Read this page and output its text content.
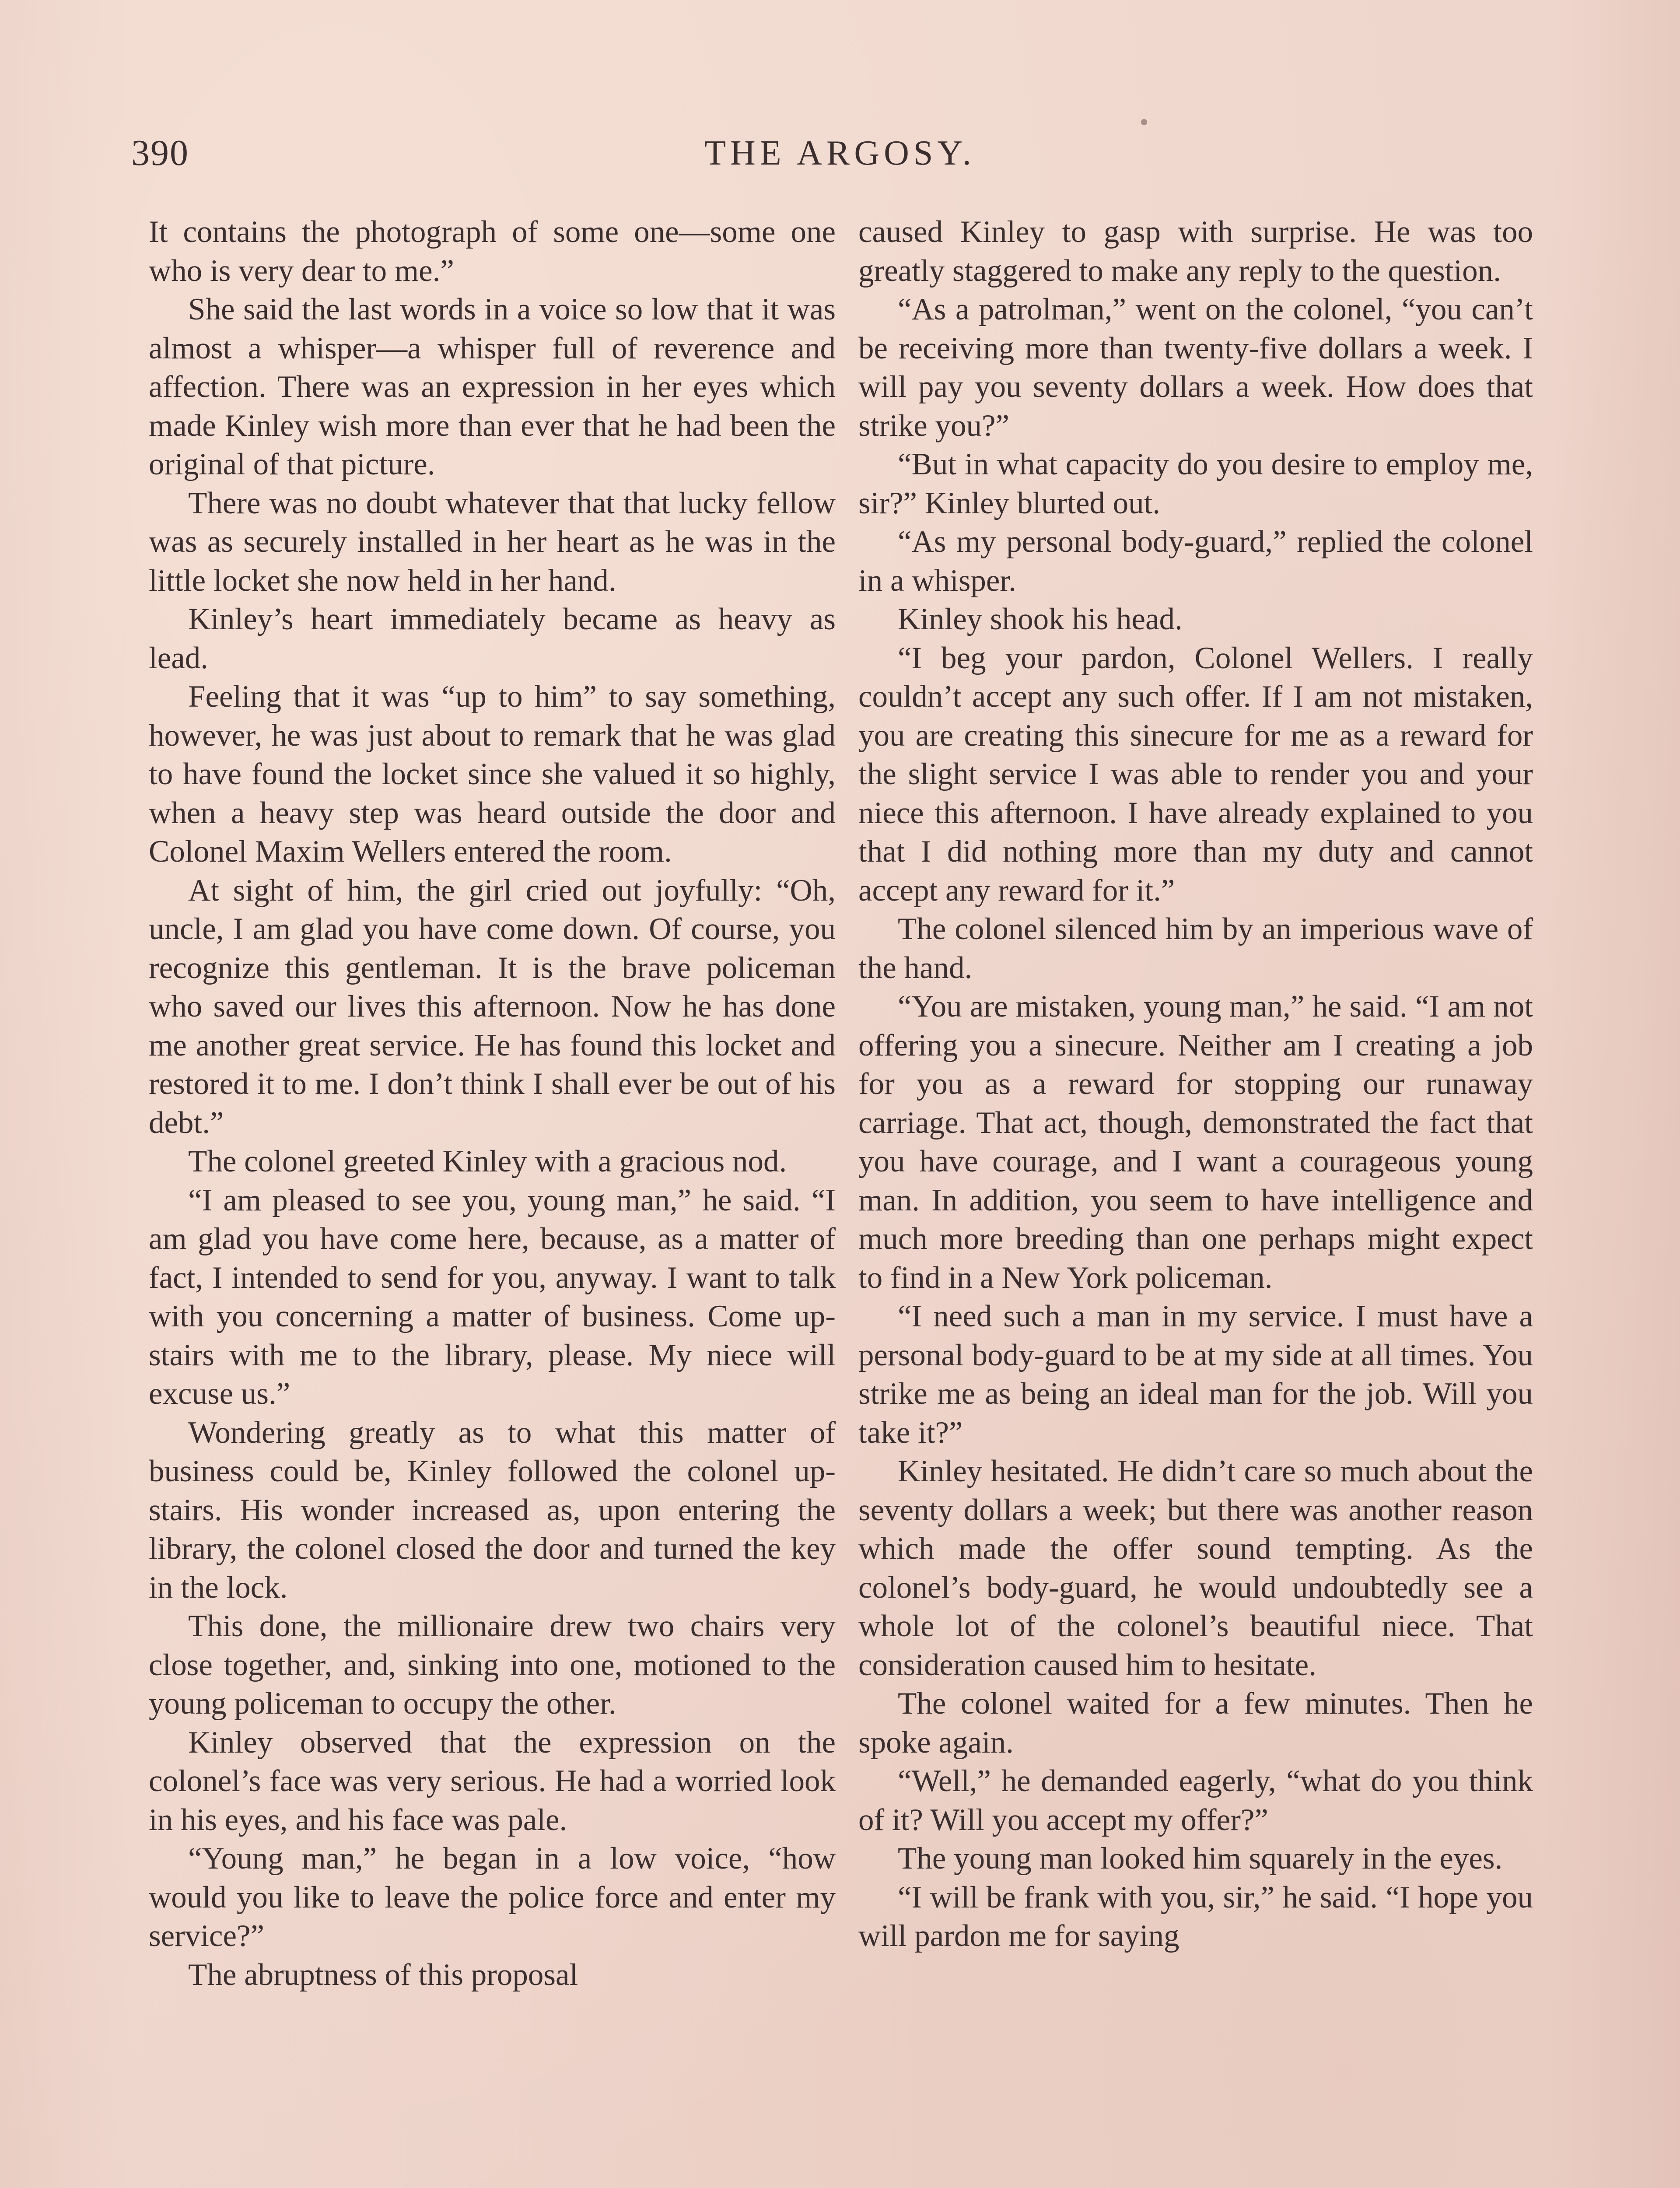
390	THE ARGOSY.

It contains the photograph of some one—some one who is very dear to me.”

She said the last words in a voice so low that it was almost a whisper—a whisper full of reverence and affection. There was an expression in her eyes which made Kinley wish more than ever that he had been the original of that picture.

There was no doubt whatever that that lucky fellow was as securely installed in her heart as he was in the little locket she now held in her hand.

Kinley’s heart immediately became as heavy as lead.

Feeling that it was “up to him” to say something, however, he was just about to remark that he was glad to have found the locket since she valued it so highly, when a heavy step was heard outside the door and Colonel Maxim Wellers entered the room.

At sight of him, the girl cried out joyfully: “Oh, uncle, I am glad you have come down. Of course, you recognize this gentleman. It is the brave policeman who saved our lives this afternoon. Now he has done me another great service. He has found this locket and restored it to me. I don’t think I shall ever be out of his debt.”

The colonel greeted Kinley with a gracious nod.

“I am pleased to see you, young man,” he said. “I am glad you have come here, because, as a matter of fact, I intended to send for you, anyway. I want to talk with you concerning a matter of business. Come up-stairs with me to the library, please. My niece will excuse us.”

Wondering greatly as to what this matter of business could be, Kinley followed the colonel up-stairs. His wonder increased as, upon entering the library, the colonel closed the door and turned the key in the lock.

This done, the millionaire drew two chairs very close together, and, sinking into one, motioned to the young policeman to occupy the other.

Kinley observed that the expression on the colonel’s face was very serious. He had a worried look in his eyes, and his face was pale.

“Young man,” he began in a low voice, “how would you like to leave the police force and enter my service?”

The abruptness of this proposal

caused Kinley to gasp with surprise. He was too greatly staggered to make any reply to the question.

“As a patrolman,” went on the colonel, “you can’t be receiving more than twenty-five dollars a week. I will pay you seventy dollars a week. How does that strike you?”

“But in what capacity do you desire to employ me, sir?” Kinley blurted out.

“As my personal body-guard,” replied the colonel in a whisper.

Kinley shook his head.

“I beg your pardon, Colonel Wellers. I really couldn’t accept any such offer. If I am not mistaken, you are creating this sinecure for me as a reward for the slight service I was able to render you and your niece this afternoon. I have already explained to you that I did nothing more than my duty and cannot accept any reward for it.”

The colonel silenced him by an imperious wave of the hand.

“You are mistaken, young man,” he said. “I am not offering you a sinecure. Neither am I creating a job for you as a reward for stopping our runaway carriage. That act, though, demonstrated the fact that you have courage, and I want a courageous young man. In addition, you seem to have intelligence and much more breeding than one perhaps might expect to find in a New York policeman.

“I need such a man in my service. I must have a personal body-guard to be at my side at all times. You strike me as being an ideal man for the job. Will you take it?”

Kinley hesitated. He didn’t care so much about the seventy dollars a week; but there was another reason which made the offer sound tempting. As the colonel’s body-guard, he would undoubtedly see a whole lot of the colonel’s beautiful niece. That consideration caused him to hesitate.

The colonel waited for a few minutes. Then he spoke again.

“Well,” he demanded eagerly, “what do you think of it? Will you accept my offer?”

The young man looked him squarely in the eyes.

“I will be frank with you, sir,” he said. “I hope you will pardon me for saying
